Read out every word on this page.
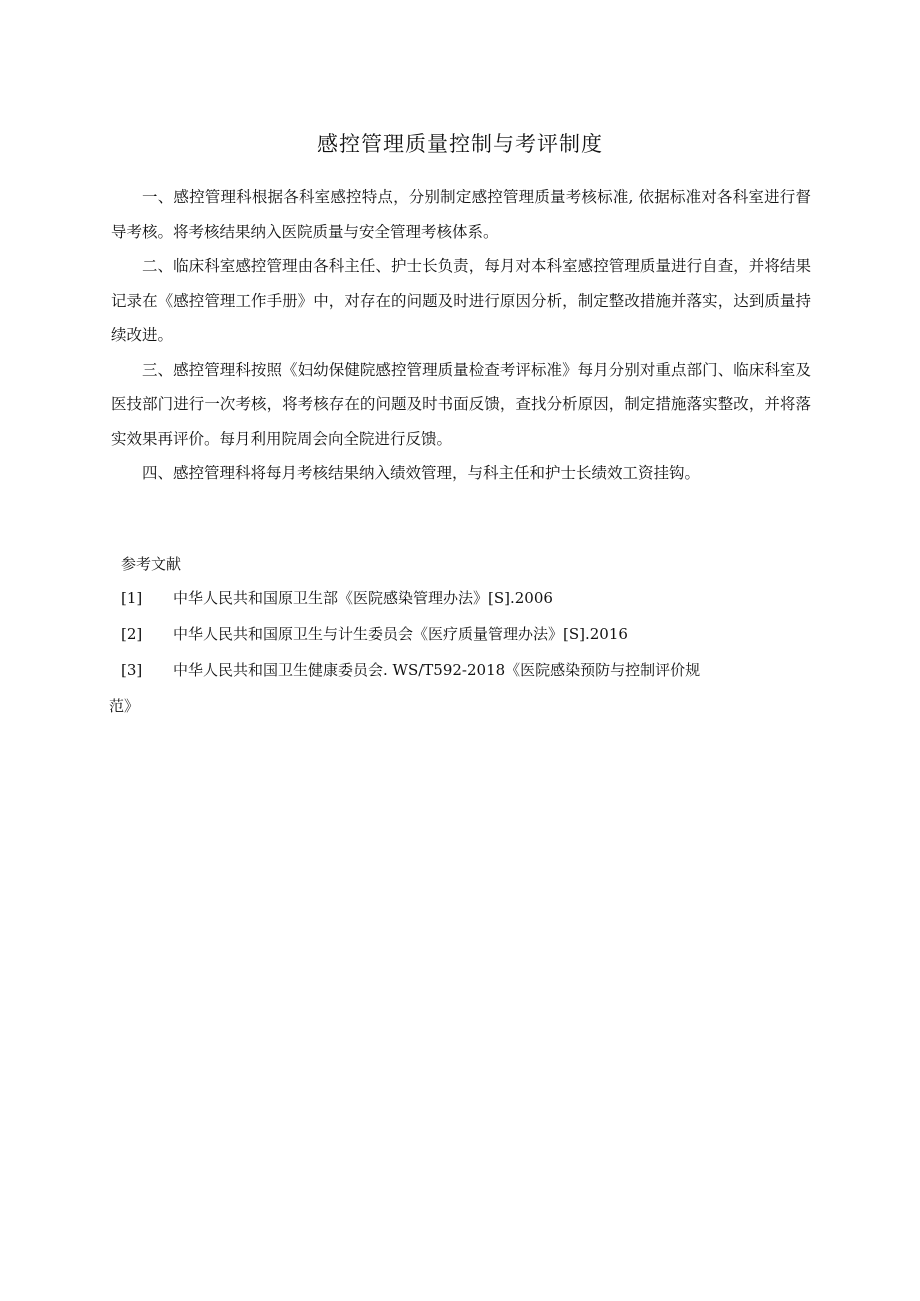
感控管理质量控制与考评制度

一、感控管理科根据各科室感控特点，分别制定感控管理质量考核标准, 依据标准对各科室进行督导考核。将考核结果纳入医院质量与安全管理考核体系。

二、临床科室感控管理由各科主任、护士长负责，每月对本科室感控管理质量进行自查，并将结果记录在《感控管理工作手册》中，对存在的问题及时进行原因分析，制定整改措施并落实，达到质量持续改进。

三、感控管理科按照《妇幼保健院感控管理质量检查考评标准》每月分别对重点部门、临床科室及医技部门进行一次考核，将考核存在的问题及时书面反馈，查找分析原因，制定措施落实整改，并将落实效果再评价。每月利用院周会向全院进行反馈。

四、感控管理科将每月考核结果纳入绩效管理，与科主任和护士长绩效工资挂钩。

参考文献
[1]	中华人民共和国原卫生部《医院感染管理办法》[S].2006
[2]	中华人民共和国原卫生与计生委员会《医疗质量管理办法》[S].2016
[3]	中华人民共和国卫生健康委员会. WS/T592-2018《医院感染预防与控制评价规
范》
